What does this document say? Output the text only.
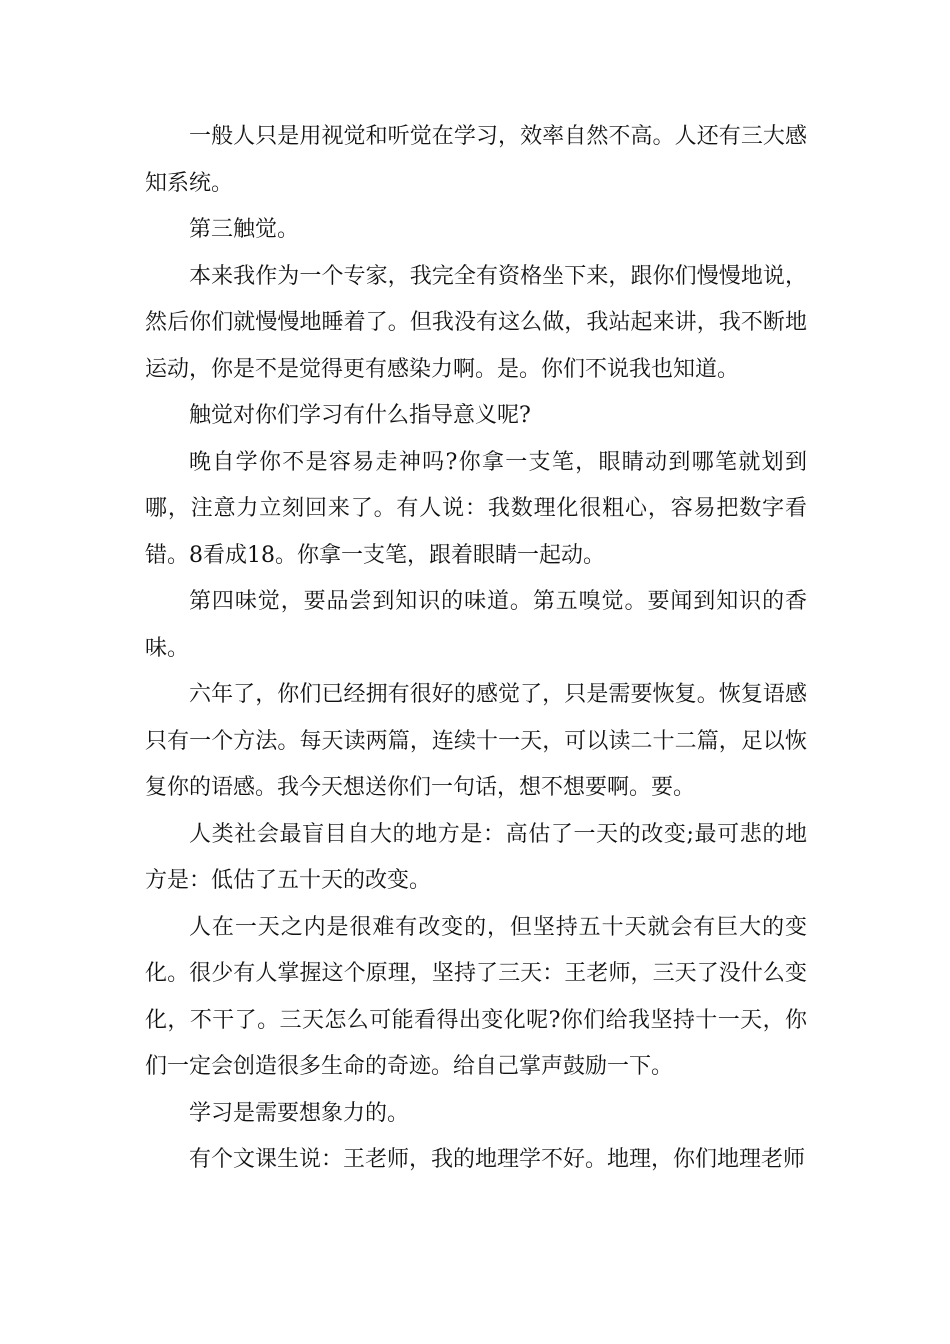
一般人只是用视觉和听觉在学习，效率自然不高。人还有三大感知系统。

第三触觉。

本来我作为一个专家，我完全有资格坐下来，跟你们慢慢地说，然后你们就慢慢地睡着了。但我没有这么做，我站起来讲，我不断地运动，你是不是觉得更有感染力啊。是。你们不说我也知道。

触觉对你们学习有什么指导意义呢?

晚自学你不是容易走神吗?你拿一支笔，眼睛动到哪笔就划到哪，注意力立刻回来了。有人说：我数理化很粗心，容易把数字看错。8看成18。你拿一支笔，跟着眼睛一起动。

第四味觉，要品尝到知识的味道。第五嗅觉。要闻到知识的香味。

六年了，你们已经拥有很好的感觉了，只是需要恢复。恢复语感只有一个方法。每天读两篇，连续十一天，可以读二十二篇，足以恢复你的语感。我今天想送你们一句话，想不想要啊。要。

人类社会最盲目自大的地方是：高估了一天的改变;最可悲的地方是：低估了五十天的改变。

人在一天之内是很难有改变的，但坚持五十天就会有巨大的变化。很少有人掌握这个原理，坚持了三天：王老师，三天了没什么变化，不干了。三天怎么可能看得出变化呢?你们给我坚持十一天，你们一定会创造很多生命的奇迹。给自己掌声鼓励一下。

学习是需要想象力的。

有个文课生说：王老师，我的地理学不好。地理，你们地理老师
